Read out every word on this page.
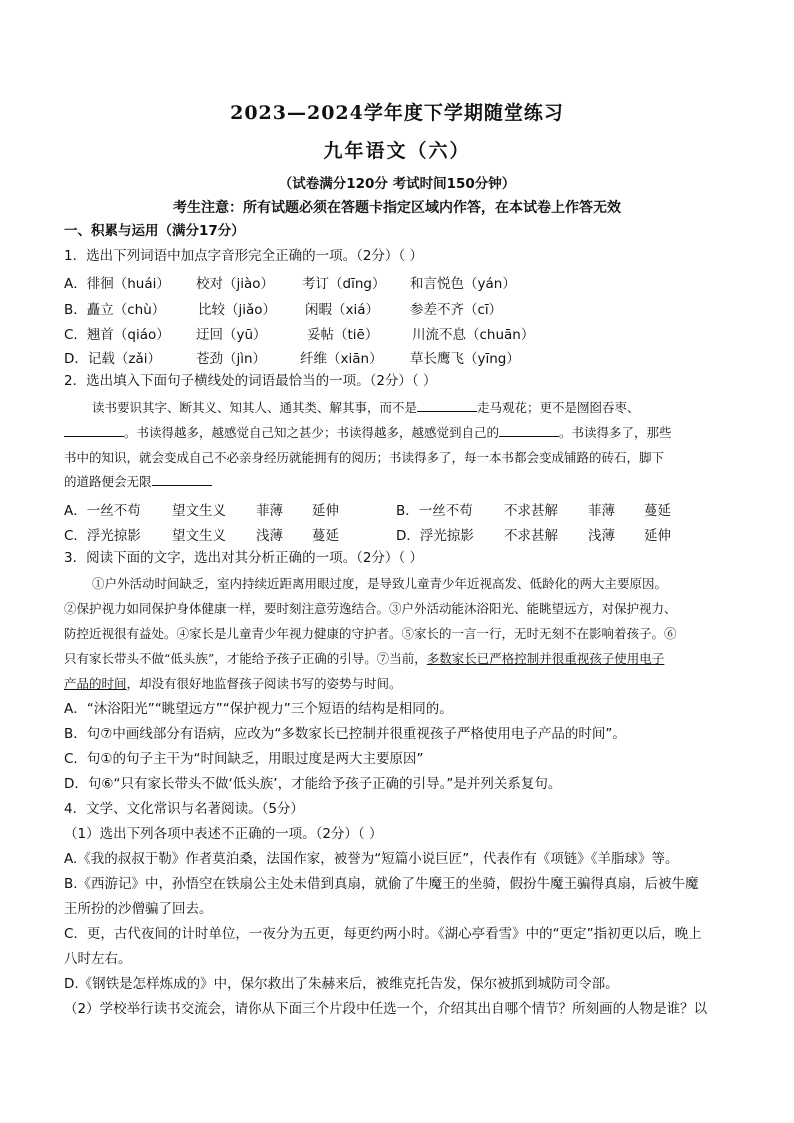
2023—2024学年度下学期随堂练习
九年语文（六）
（试卷满分120分 考试时间150分钟）
考生注意：所有试题必须在答题卡指定区域内作答，在本试卷上作答无效
一、积累与运用（满分17分）
1．选出下列词语中加点字音形完全正确的一项。（2分）（ ）
A．徘徊（huái） 校对（jiào） 考订（dīng） 和言悦色（yán）
B．矗立（chù） 比较（jiǎo） 闲暇（xiá） 参差不齐（cī）
C．翘首（qiáo） 迂回（yū）	妥帖（tiē） 川流不息（chuān）
D．记载（zǎi）	苍劲（jìn）	纤维（xiān） 草长鹰飞（yīng）
2．选出填入下面句子横线处的词语最恰当的一项。（2分）（ ）
读书要识其字、断其义、知其人、通其类、解其事，而不是	走马观花；更不是囫囵吞枣、
。书读得越多，越感觉自己知之甚少；书读得越多，越感觉到自己的	。书读得多了，那些
书中的知识，就会变成自己不必亲身经历就能拥有的阅历；书读得多了，每一本书都会变成铺路的砖石，脚下
的道路便会无限
A．一丝不苟 望文生义 菲薄 延伸	B．一丝不苟 不求甚解 菲薄 蔓延
C．浮光掠影 望文生义 浅薄 蔓延	D．浮光掠影 不求甚解 浅薄 延伸
3．阅读下面的文字，选出对其分析正确的一项。（2分）（ ）
①户外活动时间缺乏，室内持续近距离用眼过度，是导致儿童青少年近视高发、低龄化的两大主要原因。
②保护视力如同保护身体健康一样，要时刻注意劳逸结合。③户外活动能沐浴阳光、能眺望远方，对保护视力、
防控近视很有益处。④家长是儿童青少年视力健康的守护者。⑤家长的一言一行，无时无刻不在影响着孩子。⑥
只有家长带头不做“低头族”，才能给予孩子正确的引导。⑦当前，多数家长已严格控制并很重视孩子使用电子
产品的时间，却没有很好地监督孩子阅读书写的姿势与时间。
A．“沐浴阳光”“眺望远方”“保护视力”三个短语的结构是相同的。
B．句⑦中画线部分有语病，应改为“多数家长已控制并很重视孩子严格使用电子产品的时间”。
C．句①的句子主干为“时间缺乏，用眼过度是两大主要原因”
D．句⑥“只有家长带头不做‘低头族’，才能给予孩子正确的引导。”是并列关系复句。
4．文学、文化常识与名著阅读。（5分）
（1）选出下列各项中表述不正确的一项。（2分）（ ）
A.《我的叔叔于勒》作者莫泊桑，法国作家，被誉为“短篇小说巨匠”，代表作有《项链》《羊脂球》等。
B.《西游记》中，孙悟空在铁扇公主处未借到真扇，就偷了牛魔王的坐骑，假扮牛魔王骗得真扇，后被牛魔
王所扮的沙僧骗了回去。
C．更，古代夜间的计时单位，一夜分为五更，每更约两小时。《湖心亭看雪》中的“更定”指初更以后，晚上
八时左右。
D.《钢铁是怎样炼成的》中，保尔救出了朱赫来后，被维克托告发，保尔被抓到城防司令部。
（2）学校举行读书交流会，请你从下面三个片段中任选一个，介绍其出自哪个情节？所刻画的人物是谁？以
